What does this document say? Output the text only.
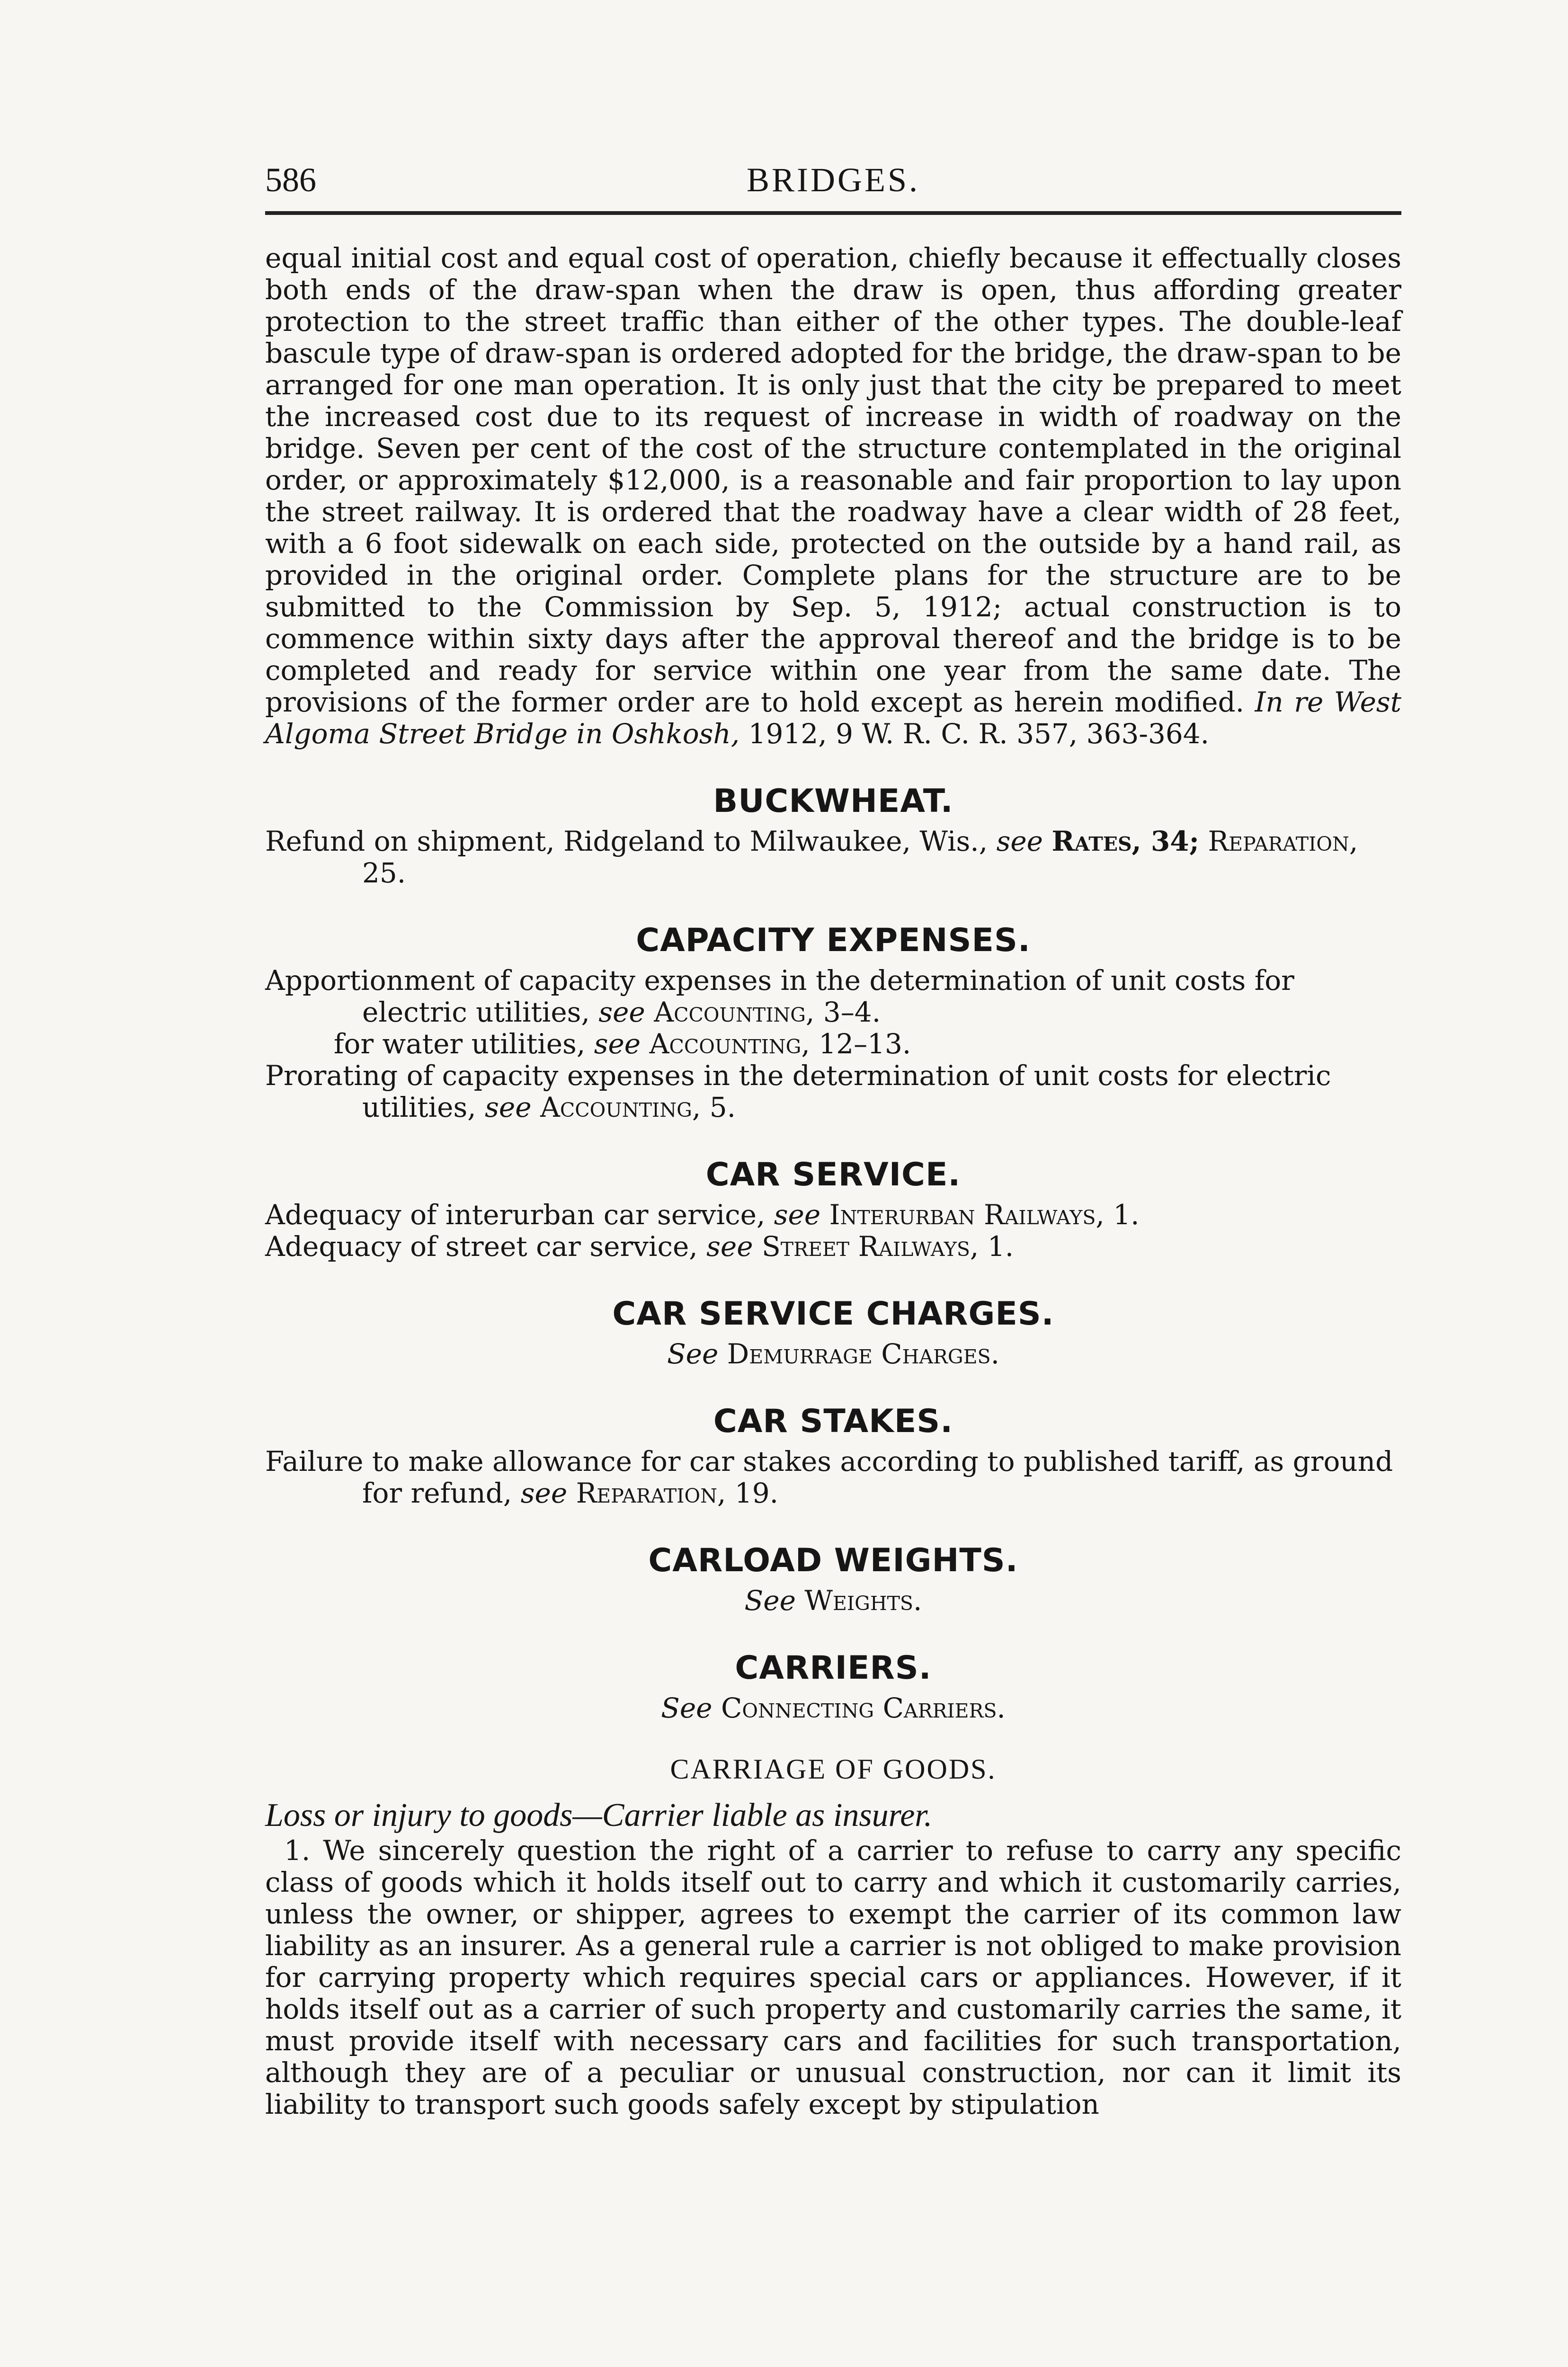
586	BRIDGES.

equal initial cost and equal cost of operation, chiefly because it effectually closes both ends of the draw-span when the draw is open, thus affording greater protection to the street traffic than either of the other types. The double-leaf bascule type of draw-span is ordered adopted for the bridge, the draw-span to be arranged for one man operation. It is only just that the city be prepared to meet the increased cost due to its request of increase in width of roadway on the bridge. Seven per cent of the cost of the structure contemplated in the original order, or approximately $12,000, is a reasonable and fair proportion to lay upon the street railway. It is ordered that the roadway have a clear width of 28 feet, with a 6 foot sidewalk on each side, protected on the outside by a hand rail, as provided in the original order. Complete plans for the structure are to be submitted to the Commission by Sep. 5, 1912; actual construction is to commence within sixty days after the approval thereof and the bridge is to be completed and ready for service within one year from the same date. The provisions of the former order are to hold except as herein modified. In re West Algoma Street Bridge in Oshkosh, 1912, 9 W. R. C. R. 357, 363-364.

BUCKWHEAT.

Refund on shipment, Ridgeland to Milwaukee, Wis., see Rates, 34; Reparation, 25.

CAPACITY EXPENSES.

Apportionment of capacity expenses in the determination of unit costs for electric utilities, see Accounting, 3–4.

for water utilities, see Accounting, 12–13.

Prorating of capacity expenses in the determination of unit costs for electric utilities, see Accounting, 5.

CAR SERVICE.

Adequacy of interurban car service, see Interurban Railways, 1.

Adequacy of street car service, see Street Railways, 1.

CAR SERVICE CHARGES.

See Demurrage Charges.

CAR STAKES.

Failure to make allowance for car stakes according to published tariff, as ground for refund, see Reparation, 19.

CARLOAD WEIGHTS.

See Weights.

CARRIERS.

See Connecting Carriers.

CARRIAGE OF GOODS.
Loss or injury to goods—Carrier liable as insurer.

1. We sincerely question the right of a carrier to refuse to carry any specific class of goods which it holds itself out to carry and which it customarily carries, unless the owner, or shipper, agrees to exempt the carrier of its common law liability as an insurer. As a general rule a carrier is not obliged to make provision for carrying property which requires special cars or appliances. However, if it holds itself out as a carrier of such property and customarily carries the same, it must provide itself with necessary cars and facilities for such transportation, although they are of a peculiar or unusual construction, nor can it limit its liability to transport such goods safely except by stipulation
